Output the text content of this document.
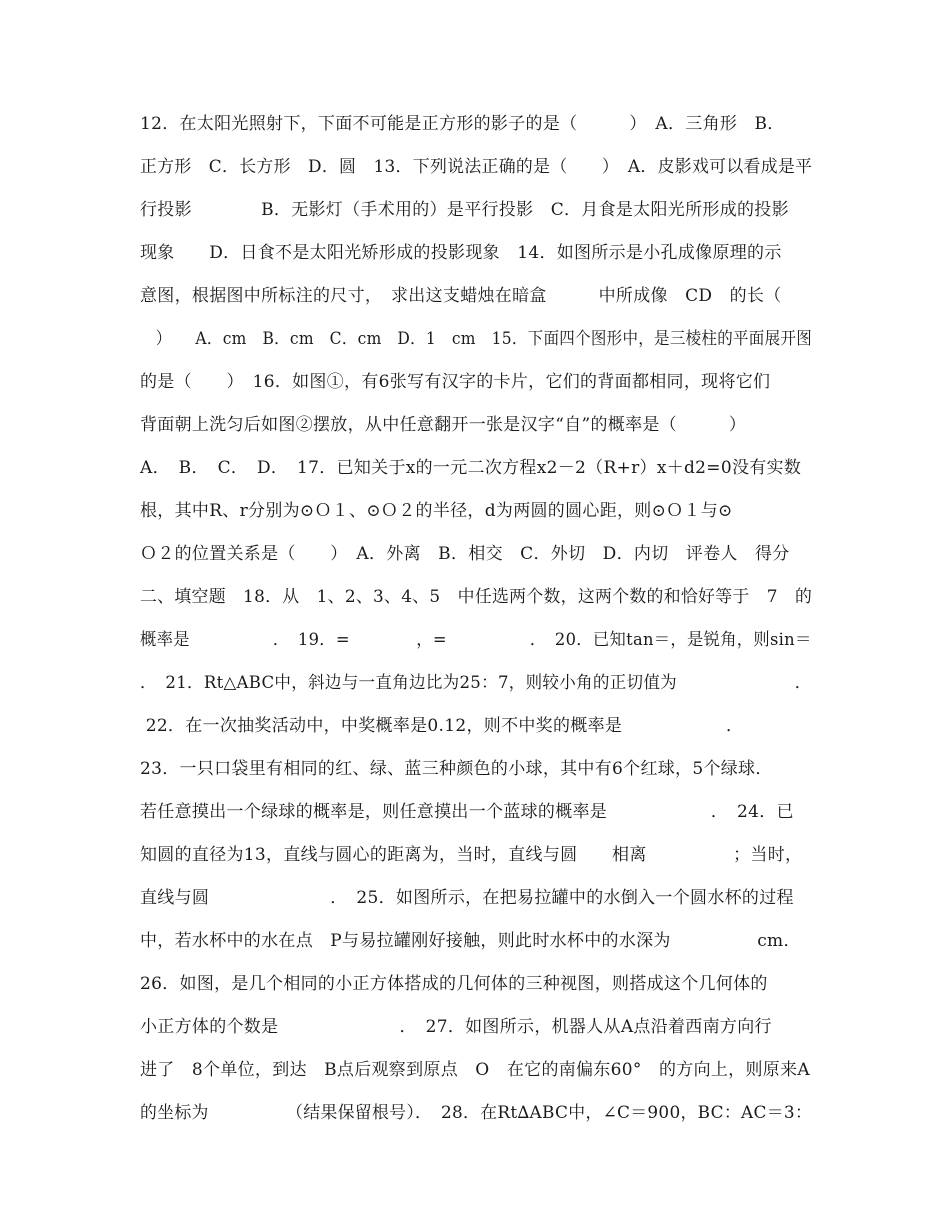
12．在太阳光照射下，下面不可能是正方形的影子的是（　　　）　A．三角形　B．
正方形　C．长方形　D．圆　13．下列说法正确的是（　　）　A．皮影戏可以看成是平
行投影　　　　B．无影灯（手术用的）是平行投影　C．月食是太阳光所形成的投影
现象　　D．日食不是太阳光矫形成的投影现象　14．如图所示是小孔成像原理的示
意图，根据图中所标注的尺寸，　求出这支蜡烛在暗盒　　　中所成像　CD　的长（
　）　　A．cm　B．cm　C．cm　D．1　cm　15．下面四个图形中，是三棱柱的平面展开图
的是（　　）　16．如图①，有6张写有汉字的卡片，它们的背面都相同，现将它们
背面朝上洗匀后如图②摆放，从中任意翻开一张是汉字“自”的概率是（　　　）
A．　B．　C．　D．　17．已知关于x的一元二次方程x2－2（R+r）x＋d2=0没有实数
根，其中R、r分别为⊙Ｏ１、⊙Ｏ２的半径，d为两圆的圆心距，则⊙Ｏ１与⊙
Ｏ２的位置关系是（　　）　A．外离　B．相交　C．外切　D．内切　评卷人　得分
二、填空题　18．从　1、2、3、4、5　中任选两个数，这两个数的和恰好等于　7　的
概率是　　　　　．　19．=　　　　，=　　　　　．　20．已知tan＝，是锐角，则sin＝
．　21．Rt△ABC中，斜边与一直角边比为25：7，则较小角的正切值为　　　　　　　．
22．在一次抽奖活动中，中奖概率是0.12，则不中奖的概率是　　　　　　．
23．一只口袋里有相同的红、绿、蓝三种颜色的小球，其中有6个红球，5个绿球．
若任意摸出一个绿球的概率是，则任意摸出一个蓝球的概率是　　　　　　．　24．已
知圆的直径为13，直线与圆心的距离为，当时，直线与圆　　相离　　　　　；当时，
直线与圆　　　　　　　．　25．如图所示，在把易拉罐中的水倒入一个圆水杯的过程
中，若水杯中的水在点　P与易拉罐刚好接触，则此时水杯中的水深为　　　　　cm．
26．如图，是几个相同的小正方体搭成的几何体的三种视图，则搭成这个几何体的
小正方体的个数是　　　　　　　．　27．如图所示，机器人从A点沿着西南方向行
进了　8个单位，到达　B点后观察到原点　O　在它的南偏东60°　的方向上，则原来A
的坐标为　　　　　（结果保留根号）．　28．在Rt∆ABC中，∠C＝900，BC：AC＝3：
